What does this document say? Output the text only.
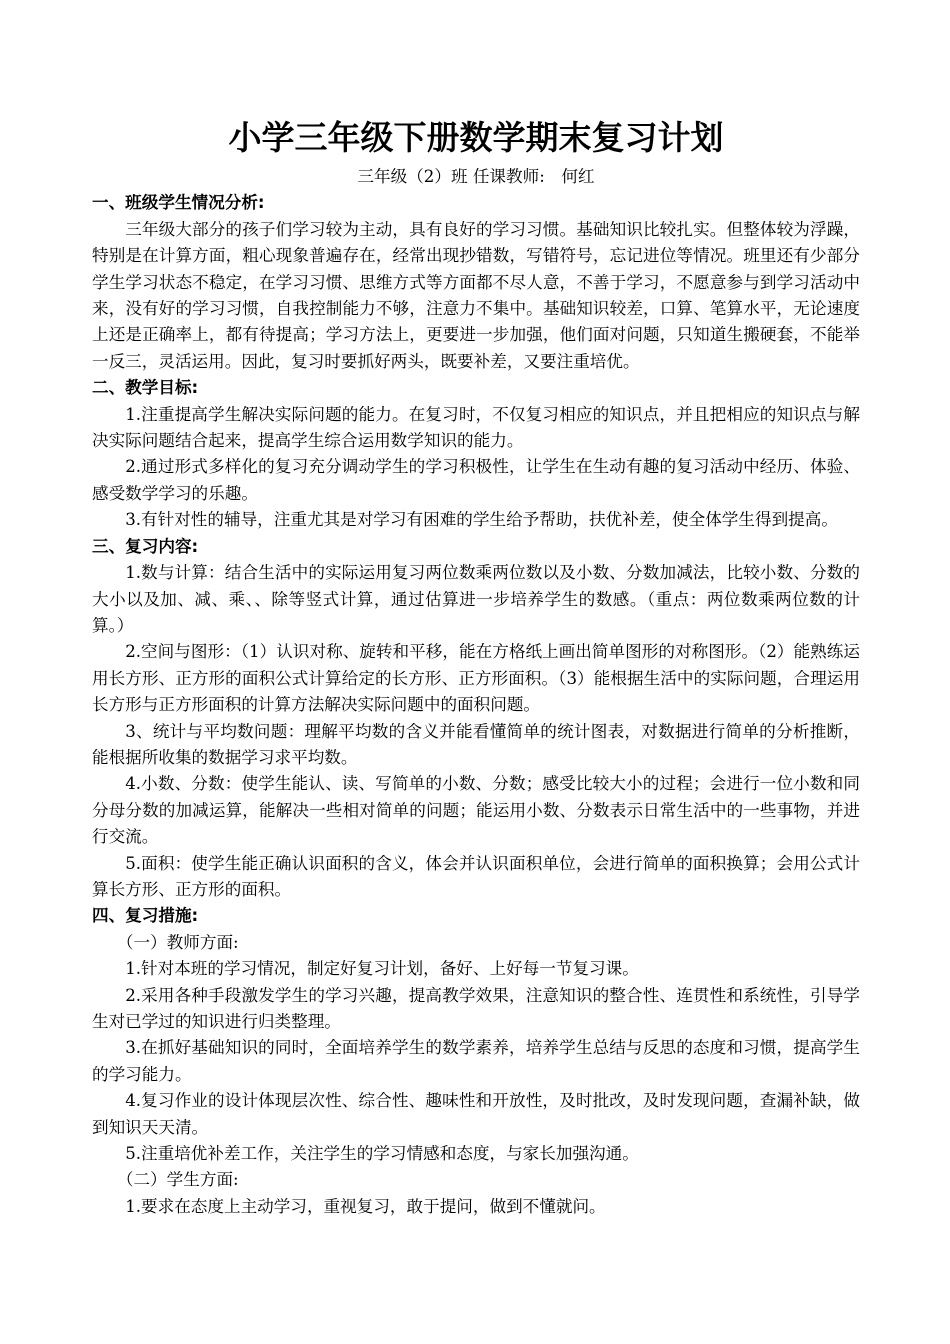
小学三年级下册数学期末复习计划

三年级（2）班 任课教师:　何红

一、班级学生情况分析:

三年级大部分的孩子们学习较为主动，具有良好的学习习惯。基础知识比较扎实。但整体较为浮躁，特别是在计算方面，粗心现象普遍存在，经常出现抄错数，写错符号，忘记进位等情况。班里还有少部分学生学习状态不稳定，在学习习惯、思维方式等方面都不尽人意，不善于学习，不愿意参与到学习活动中来，没有好的学习习惯，自我控制能力不够，注意力不集中。基础知识较差，口算、笔算水平，无论速度上还是正确率上，都有待提高；学习方法上，更要进一步加强，他们面对问题，只知道生搬硬套，不能举一反三，灵活运用。因此，复习时要抓好两头，既要补差，又要注重培优。

二、教学目标:

1.注重提高学生解决实际问题的能力。在复习时，不仅复习相应的知识点，并且把相应的知识点与解决实际问题结合起来，提高学生综合运用数学知识的能力。

2.通过形式多样化的复习充分调动学生的学习积极性，让学生在生动有趣的复习活动中经历、体验、感受数学学习的乐趣。

3.有针对性的辅导，注重尤其是对学习有困难的学生给予帮助，扶优补差，使全体学生得到提高。

三、复习内容:

1.数与计算：结合生活中的实际运用复习两位数乘两位数以及小数、分数加减法，比较小数、分数的大小以及加、减、乘、、除等竖式计算，通过估算进一步培养学生的数感。（重点：两位数乘两位数的计算。）

2.空间与图形：（1）认识对称、旋转和平移，能在方格纸上画出简单图形的对称图形。（2）能熟练运用长方形、正方形的面积公式计算给定的长方形、正方形面积。（3）能根据生活中的实际问题，合理运用长方形与正方形面积的计算方法解决实际问题中的面积问题。

3、统计与平均数问题：理解平均数的含义并能看懂简单的统计图表，对数据进行简单的分析推断，能根据所收集的数据学习求平均数。

4.小数、分数：使学生能认、读、写简单的小数、分数；感受比较大小的过程；会进行一位小数和同分母分数的加减运算，能解决一些相对简单的问题；能运用小数、分数表示日常生活中的一些事物，并进行交流。

5.面积：使学生能正确认识面积的含义，体会并认识面积单位，会进行简单的面积换算；会用公式计算长方形、正方形的面积。

四、复习措施:

（一）教师方面:

1.针对本班的学习情况，制定好复习计划，备好、上好每一节复习课。

2.采用各种手段激发学生的学习兴趣，提高教学效果，注意知识的整合性、连贯性和系统性，引导学生对已学过的知识进行归类整理。

3.在抓好基础知识的同时，全面培养学生的数学素养，培养学生总结与反思的态度和习惯，提高学生的学习能力。

4.复习作业的设计体现层次性、综合性、趣味性和开放性，及时批改，及时发现问题，查漏补缺，做到知识天天清。

5.注重培优补差工作，关注学生的学习情感和态度，与家长加强沟通。

（二）学生方面:

1.要求在态度上主动学习，重视复习，敢于提问，做到不懂就问。
